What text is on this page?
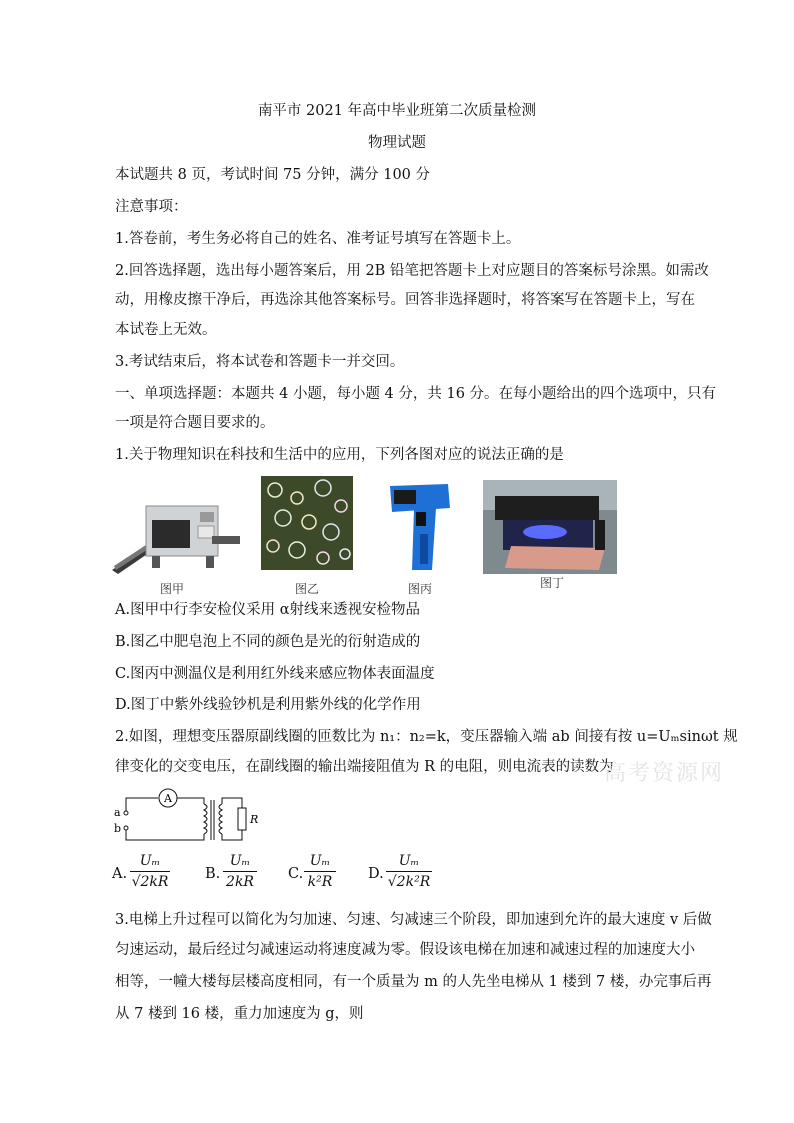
南平市 2021 年高中毕业班第二次质量检测
物理试题
本试题共 8 页，考试时间 75 分钟，满分 100 分
注意事项：
1.答卷前，考生务必将自己的姓名、准考证号填写在答题卡上。
2.回答选择题，选出每小题答案后，用 2B 铅笔把答题卡上对应题目的答案标号涂黑。如需改
动，用橡皮擦干净后，再选涂其他答案标号。回答非选择题时，将答案写在答题卡上，写在
本试卷上无效。
3.考试结束后，将本试卷和答题卡一并交回。
一、单项选择题：本题共 4 小题，每小题 4 分，共 16 分。在每小题给出的四个选项中，只有
一项是符合题目要求的。
1.关于物理知识在科技和生活中的应用，下列各图对应的说法正确的是
图甲	图乙	图丙	图丁
A.图甲中行李安检仪采用 α射线来透视安检物品
B.图乙中肥皂泡上不同的颜色是光的衍射造成的
C.图丙中测温仪是利用红外线来感应物体表面温度
D.图丁中紫外线验钞机是利用紫外线的化学作用
2.如图，理想变压器原副线圈的匝数比为 n₁：n₂=k，变压器输入端 ab 间接有按 u=Uₘsinωt 规
律变化的交变电压，在副线圈的输出端接阻值为 R 的电阻，则电流表的读数为
a
b
A
R
高考资源网
A.
Uₘ
√2kR	B.
Uₘ
2kR C.
Uₘ
k²R D.
Uₘ
√2k²R
3.电梯上升过程可以简化为匀加速、匀速、匀减速三个阶段，即加速到允许的最大速度 v 后做
匀速运动，最后经过匀减速运动将速度减为零。假设该电梯在加速和减速过程的加速度大小
相等，一幢大楼每层楼高度相同，有一个质量为 m 的人先坐电梯从 1 楼到 7 楼，办完事后再
从 7 楼到 16 楼，重力加速度为 g，则
